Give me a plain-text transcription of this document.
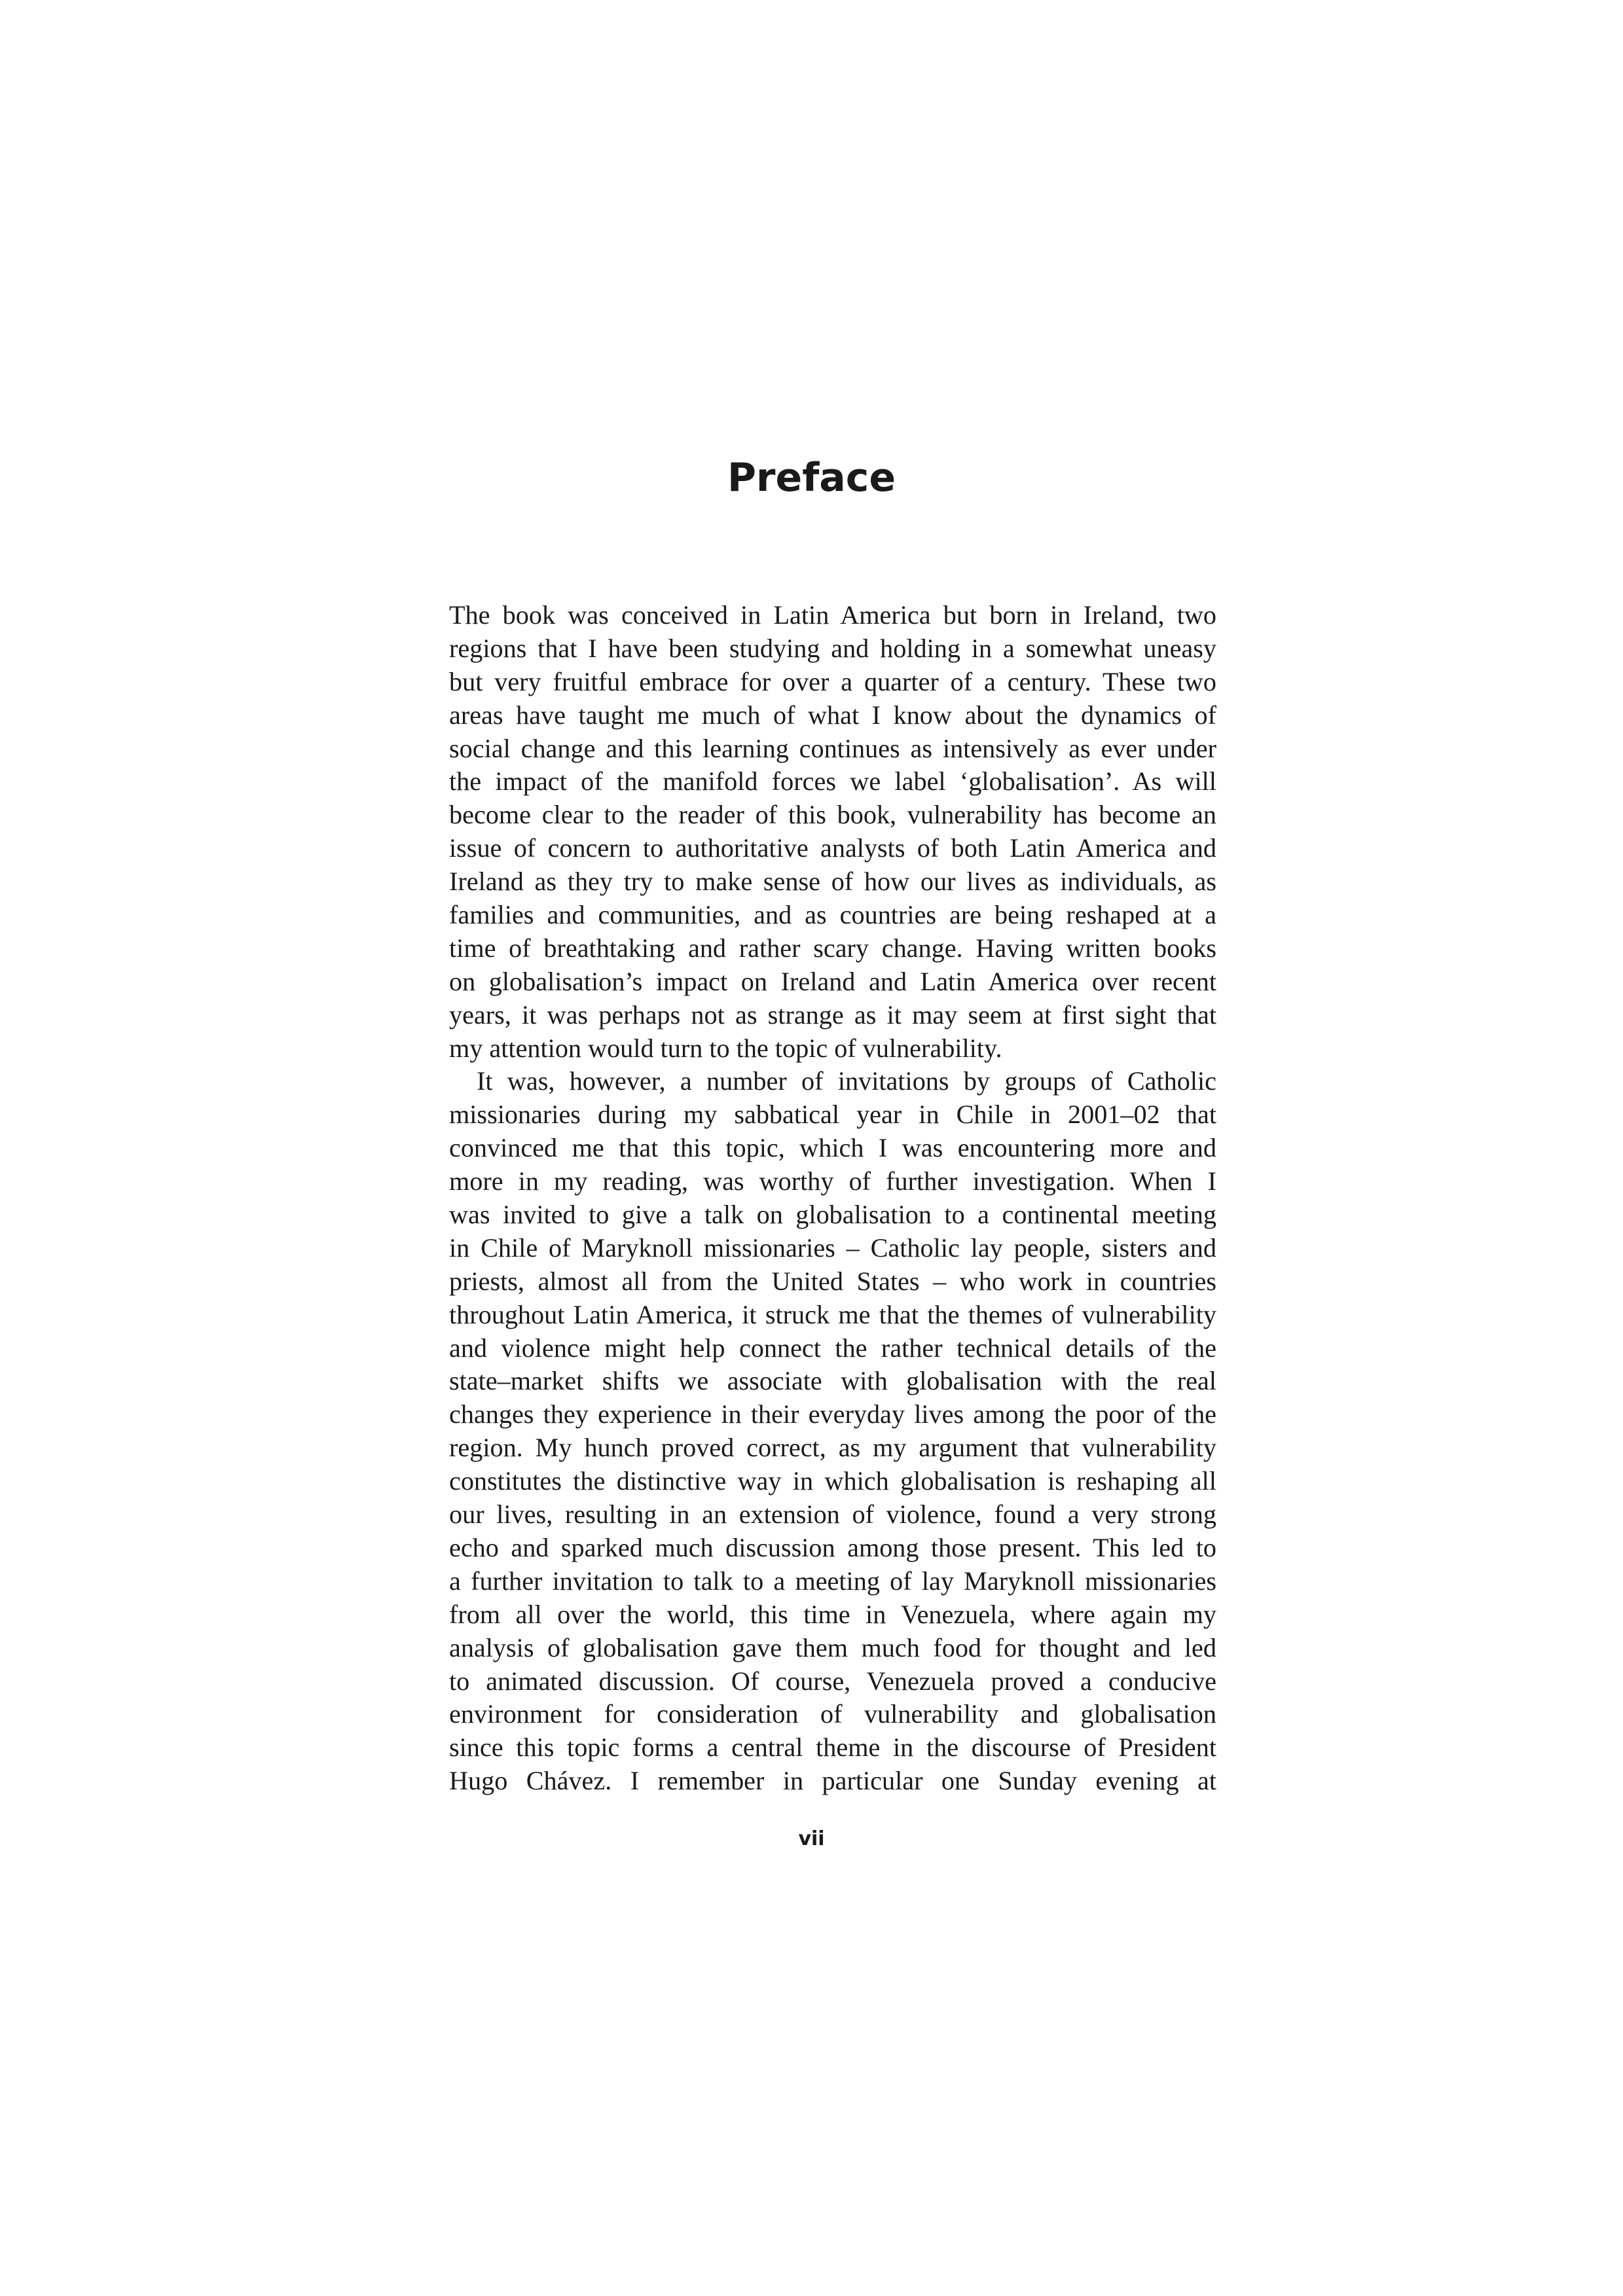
Preface
The book was conceived in Latin America but born in Ireland, two
regions that I have been studying and holding in a somewhat uneasy
but very fruitful embrace for over a quarter of a century. These two
areas have taught me much of what I know about the dynamics of
social change and this learning continues as intensively as ever under
the impact of the manifold forces we label ‘globalisation’. As will
become clear to the reader of this book, vulnerability has become an
issue of concern to authoritative analysts of both Latin America and
Ireland as they try to make sense of how our lives as individuals, as
families and communities, and as countries are being reshaped at a
time of breathtaking and rather scary change. Having written books
on globalisation’s impact on Ireland and Latin America over recent
years, it was perhaps not as strange as it may seem at first sight that
my attention would turn to the topic of vulnerability.
It was, however, a number of invitations by groups of Catholic
missionaries during my sabbatical year in Chile in 2001–02 that
convinced me that this topic, which I was encountering more and
more in my reading, was worthy of further investigation. When I
was invited to give a talk on globalisation to a continental meeting
in Chile of Maryknoll missionaries – Catholic lay people, sisters and
priests, almost all from the United States – who work in countries
throughout Latin America, it struck me that the themes of vulnerability
and violence might help connect the rather technical details of the
state–market shifts we associate with globalisation with the real
changes they experience in their everyday lives among the poor of the
region. My hunch proved correct, as my argument that vulnerability
constitutes the distinctive way in which globalisation is reshaping all
our lives, resulting in an extension of violence, found a very strong
echo and sparked much discussion among those present. This led to
a further invitation to talk to a meeting of lay Maryknoll missionaries
from all over the world, this time in Venezuela, where again my
analysis of globalisation gave them much food for thought and led
to animated discussion. Of course, Venezuela proved a conducive
environment for consideration of vulnerability and globalisation
since this topic forms a central theme in the discourse of President
Hugo Chávez. I remember in particular one Sunday evening at
vii
